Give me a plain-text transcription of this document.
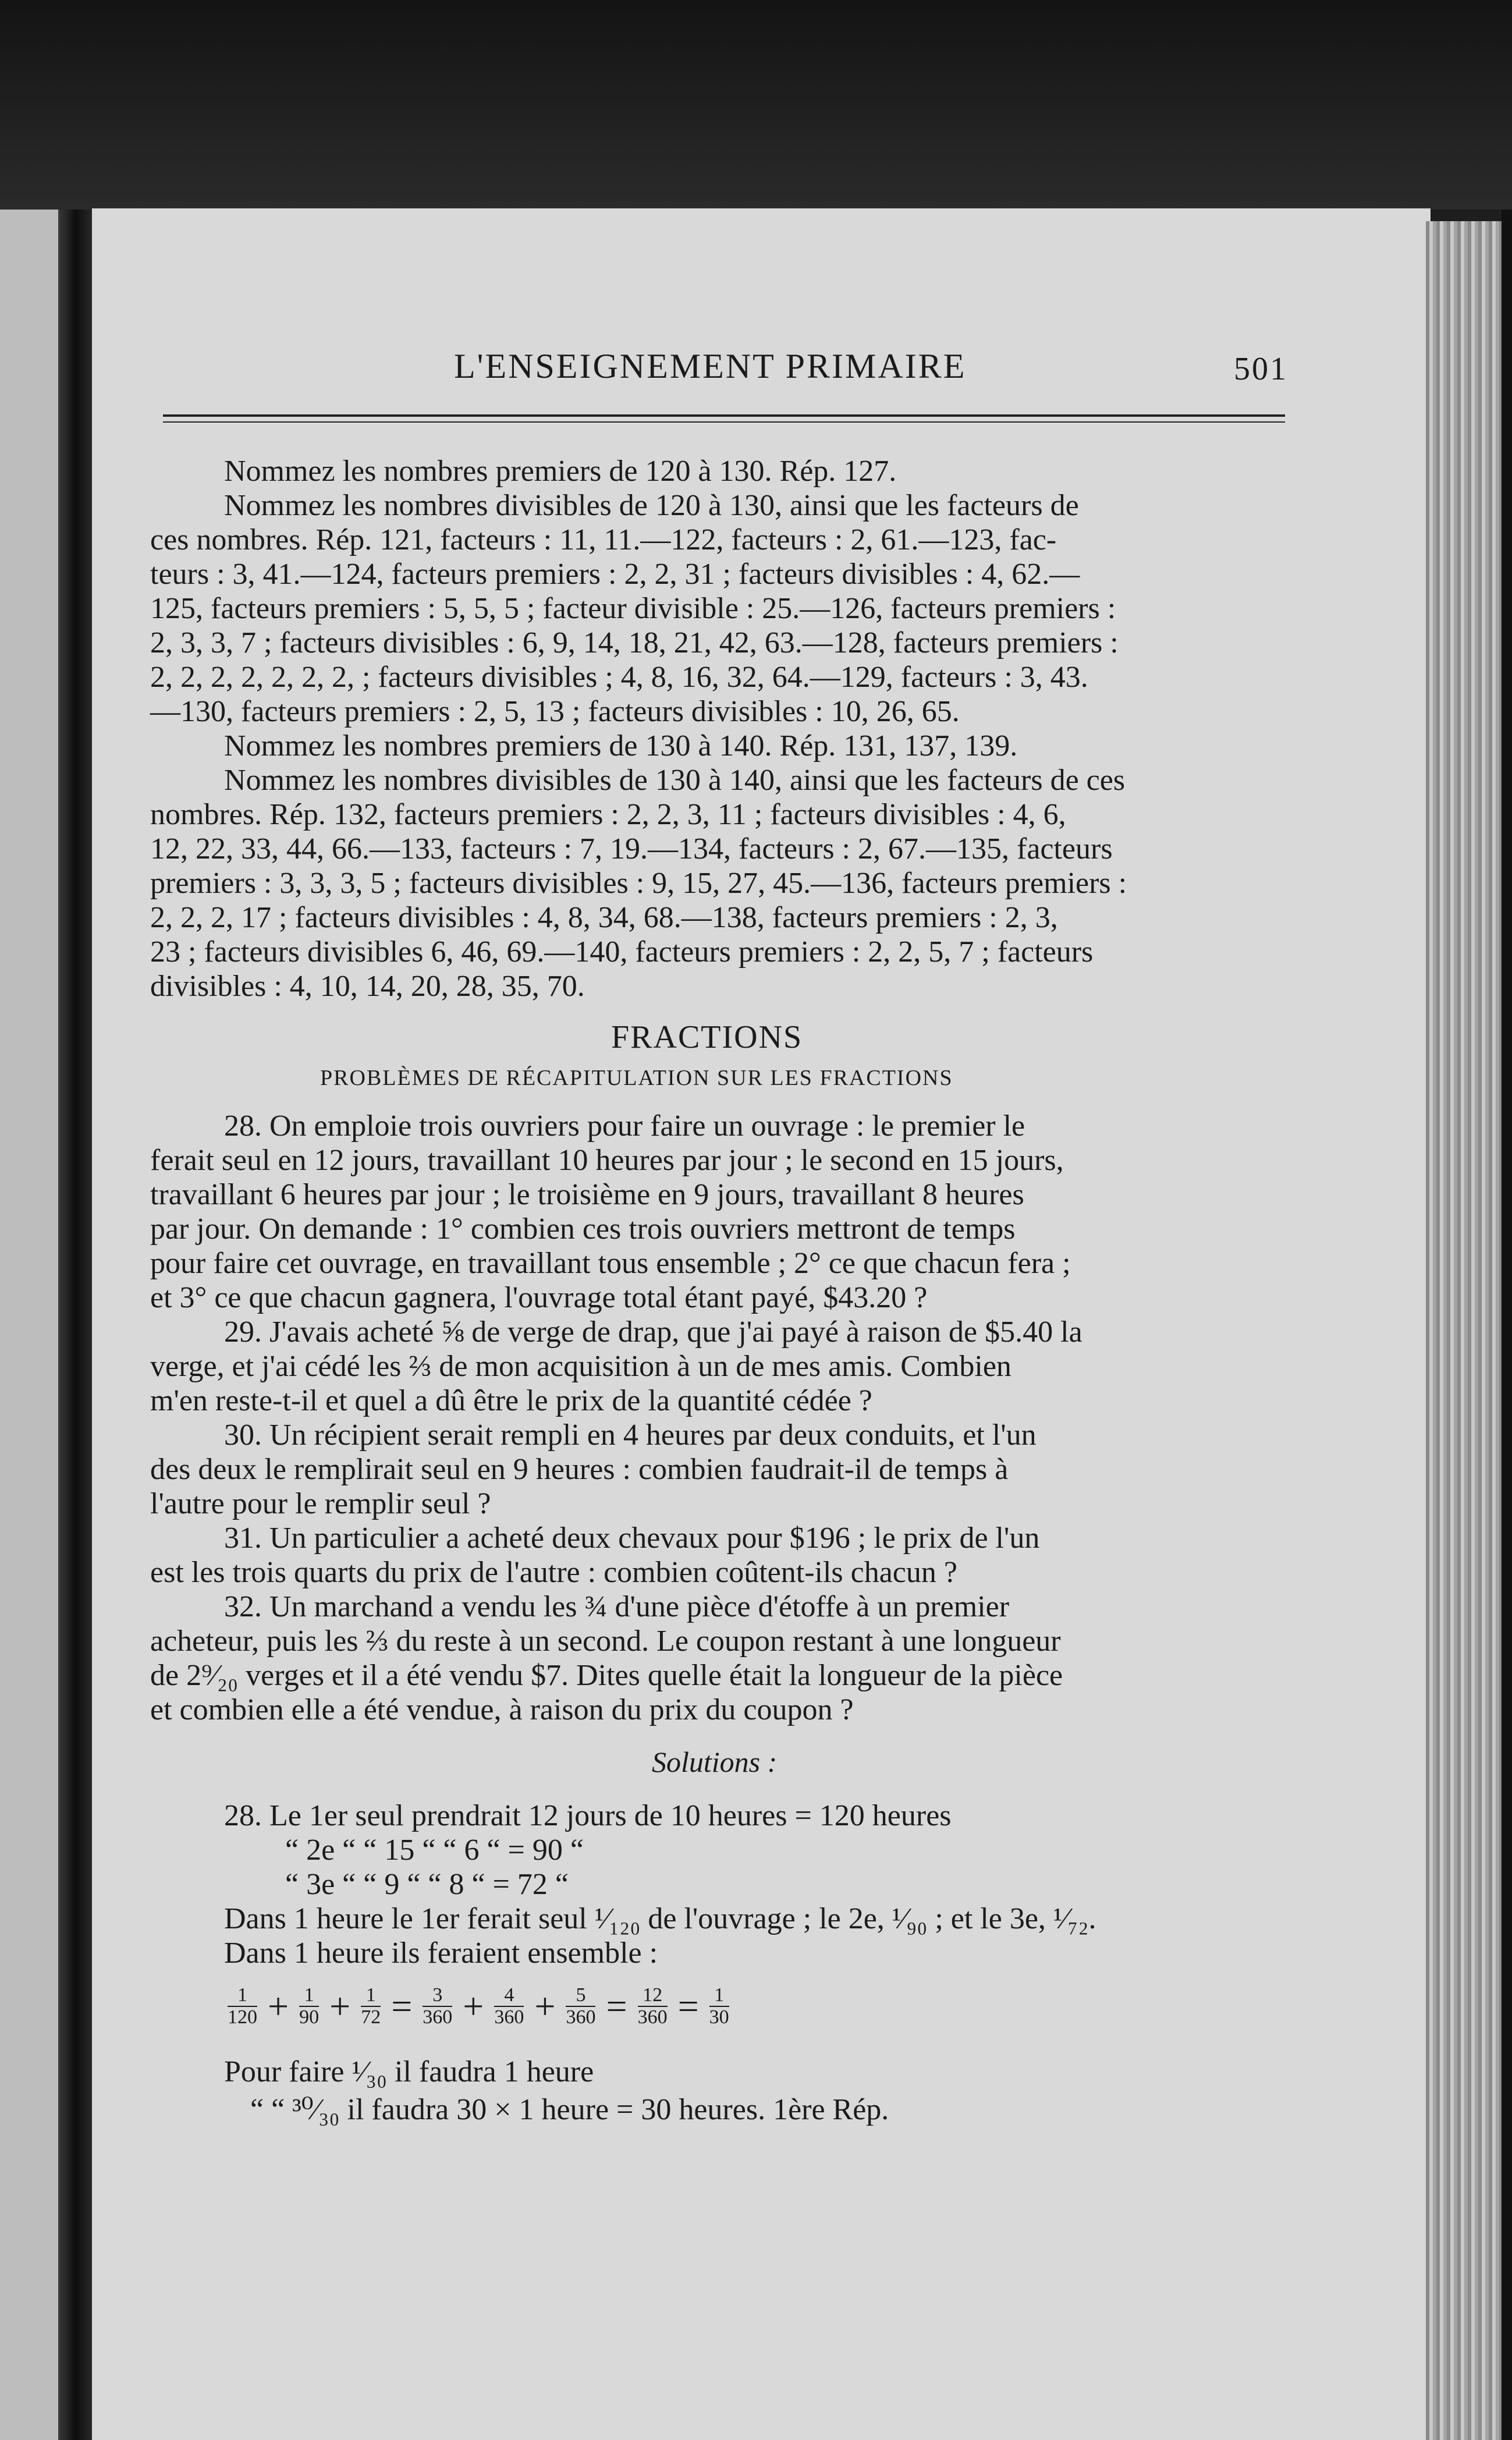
L'ENSEIGNEMENT PRIMAIRE	501
Nommez les nombres premiers de 120 à 130. Rép. 127.
Nommez les nombres divisibles de 120 à 130, ainsi que les facteurs de
ces nombres. Rép. 121, facteurs : 11, 11.—122, facteurs : 2, 61.—123, fac-
teurs : 3, 41.—124, facteurs premiers : 2, 2, 31 ; facteurs divisibles : 4, 62.—
125, facteurs premiers : 5, 5, 5 ; facteur divisible : 25.—126, facteurs premiers :
2, 3, 3, 7 ; facteurs divisibles : 6, 9, 14, 18, 21, 42, 63.—128, facteurs premiers :
2, 2, 2, 2, 2, 2, 2, ; facteurs divisibles ; 4, 8, 16, 32, 64.—129, facteurs : 3, 43.
—130, facteurs premiers : 2, 5, 13 ; facteurs divisibles : 10, 26, 65.
Nommez les nombres premiers de 130 à 140. Rép. 131, 137, 139.
Nommez les nombres divisibles de 130 à 140, ainsi que les facteurs de ces
nombres. Rép. 132, facteurs premiers : 2, 2, 3, 11 ; facteurs divisibles : 4, 6,
12, 22, 33, 44, 66.—133, facteurs : 7, 19.—134, facteurs : 2, 67.—135, facteurs
premiers : 3, 3, 3, 5 ; facteurs divisibles : 9, 15, 27, 45.—136, facteurs premiers :
2, 2, 2, 17 ; facteurs divisibles : 4, 8, 34, 68.—138, facteurs premiers : 2, 3,
23 ; facteurs divisibles 6, 46, 69.—140, facteurs premiers : 2, 2, 5, 7 ; facteurs
divisibles : 4, 10, 14, 20, 28, 35, 70.
FRACTIONS
PROBLÈMES DE RÉCAPITULATION SUR LES FRACTIONS
28. On emploie trois ouvriers pour faire un ouvrage : le premier le
ferait seul en 12 jours, travaillant 10 heures par jour ; le second en 15 jours,
travaillant 6 heures par jour ; le troisième en 9 jours, travaillant 8 heures
par jour. On demande : 1° combien ces trois ouvriers mettront de temps
pour faire cet ouvrage, en travaillant tous ensemble ; 2° ce que chacun fera ;
et 3° ce que chacun gagnera, l'ouvrage total étant payé, $43.20 ?
29. J'avais acheté ⅝ de verge de drap, que j'ai payé à raison de $5.40 la
verge, et j'ai cédé les ⅔ de mon acquisition à un de mes amis. Combien
m'en reste-t-il et quel a dû être le prix de la quantité cédée ?
30. Un récipient serait rempli en 4 heures par deux conduits, et l'un
des deux le remplirait seul en 9 heures : combien faudrait-il de temps à
l'autre pour le remplir seul ?
31. Un particulier a acheté deux chevaux pour $196 ; le prix de l'un
est les trois quarts du prix de l'autre : combien coûtent-ils chacun ?
32. Un marchand a vendu les ¾ d'une pièce d'étoffe à un premier
acheteur, puis les ⅔ du reste à un second. Le coupon restant à une longueur
de 2⁹⁄₂₀ verges et il a été vendu $7. Dites quelle était la longueur de la pièce
et combien elle a été vendue, à raison du prix du coupon ?
Solutions :
28. Le 1er seul prendrait 12 jours de 10 heures = 120 heures
“ 2e “ “ 15 “ “ 6 “ = 90 “
“ 3e “ “ 9 “ “ 8 “ = 72 “
Dans 1 heure le 1er ferait seul ¹⁄₁₂₀ de l'ouvrage ; le 2e, ¹⁄₉₀ ; et le 3e, ¹⁄₇₂.
Dans 1 heure ils feraient ensemble :
$\frac{1}{120} + \frac{1}{90} + \frac{1}{72} = \frac{3}{360} + \frac{4}{360} + \frac{5}{360} = \frac{12}{360} = \frac{1}{30}$
Pour faire ¹⁄₃₀ il faudra 1 heure
“ “ ³⁰⁄₃₀ il faudra 30 × 1 heure = 30 heures. 1ère Rép.
